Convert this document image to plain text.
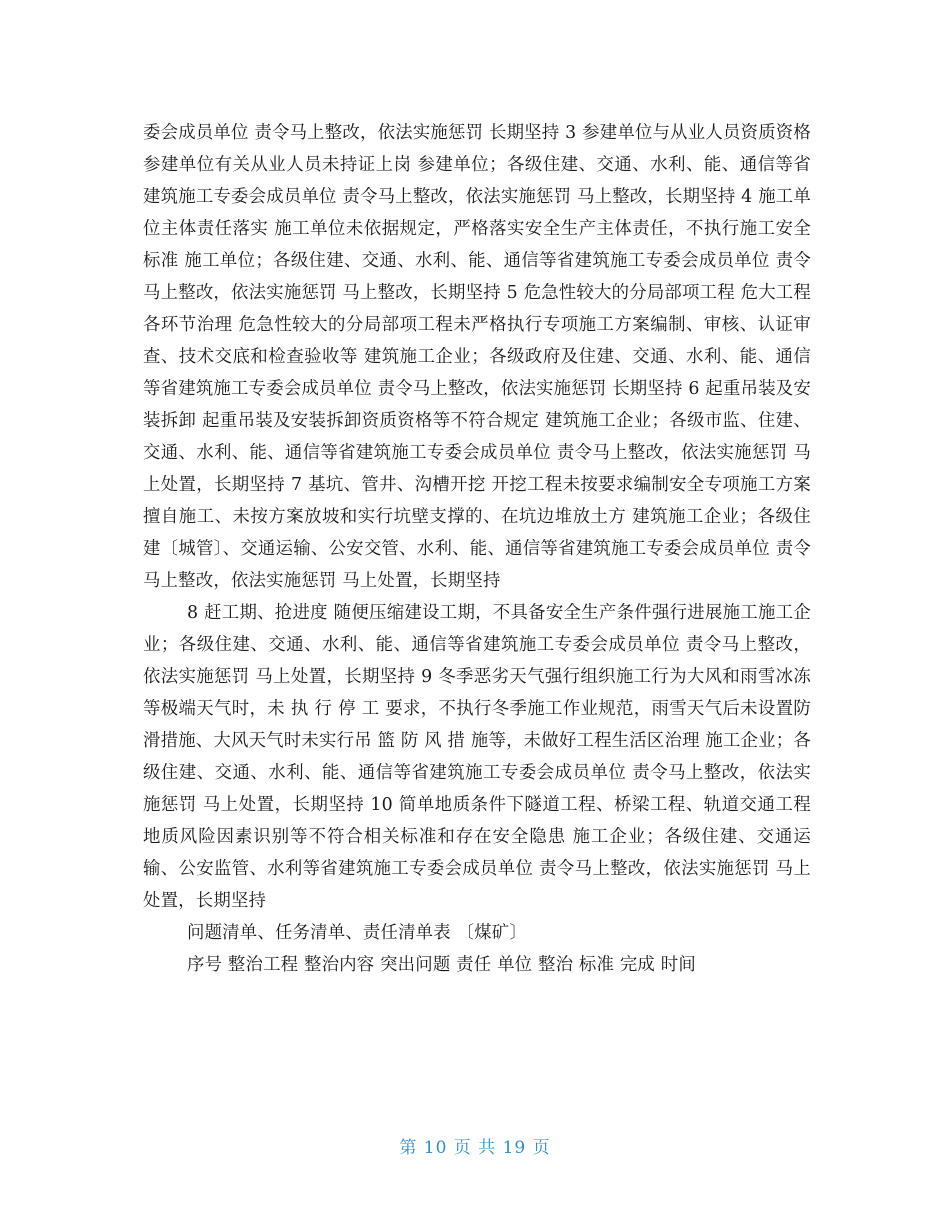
委会成员单位 责令马上整改，依法实施惩罚 长期坚持 3 参建单位与从业人员资质资格 参建单位有关从业人员未持证上岗 参建单位；各级住建、交通、水利、能、通信等省建筑施工专委会成员单位 责令马上整改，依法实施惩罚 马上整改，长期坚持 4 施工单位主体责任落实 施工单位未依据规定，严格落实安全生产主体责任，不执行施工安全标准 施工单位；各级住建、交通、水利、能、通信等省建筑施工专委会成员单位 责令马上整改，依法实施惩罚 马上整改，长期坚持 5 危急性较大的分局部项工程 危大工程各环节治理 危急性较大的分局部项工程未严格执行专项施工方案编制、审核、认证审查、技术交底和检查验收等 建筑施工企业；各级政府及住建、交通、水利、能、通信等省建筑施工专委会成员单位 责令马上整改，依法实施惩罚 长期坚持 6 起重吊装及安装拆卸 起重吊装及安装拆卸资质资格等不符合规定 建筑施工企业；各级市监、住建、交通、水利、能、通信等省建筑施工专委会成员单位 责令马上整改，依法实施惩罚 马上处置，长期坚持 7 基坑、管井、沟槽开挖 开挖工程未按要求编制安全专项施工方案擅自施工、未按方案放坡和实行坑壁支撑的、在坑边堆放土方 建筑施工企业；各级住建〔城管〕、交通运输、公安交管、水利、能、通信等省建筑施工专委会成员单位 责令马上整改，依法实施惩罚 马上处置，长期坚持

8 赶工期、抢进度 随便压缩建设工期，不具备安全生产条件强行进展施工施工企业；各级住建、交通、水利、能、通信等省建筑施工专委会成员单位 责令马上整改，依法实施惩罚 马上处置，长期坚持 9 冬季恶劣天气强行组织施工行为大风和雨雪冰冻等极端天气时，未 执 行 停 工 要求，不执行冬季施工作业规范，雨雪天气后未设置防滑措施、大风天气时未实行吊 篮 防 风 措 施等，未做好工程生活区治理 施工企业；各级住建、交通、水利、能、通信等省建筑施工专委会成员单位 责令马上整改，依法实施惩罚 马上处置，长期坚持 10 简单地质条件下隧道工程、桥梁工程、轨道交通工程 地质风险因素识别等不符合相关标准和存在安全隐患 施工企业；各级住建、交通运输、公安监管、水利等省建筑施工专委会成员单位 责令马上整改，依法实施惩罚 马上处置，长期坚持

问题清单、任务清单、责任清单表 〔煤矿〕

序号 整治工程 整治内容 突出问题 责任 单位 整治 标准 完成 时间

第 10 页 共 19 页
